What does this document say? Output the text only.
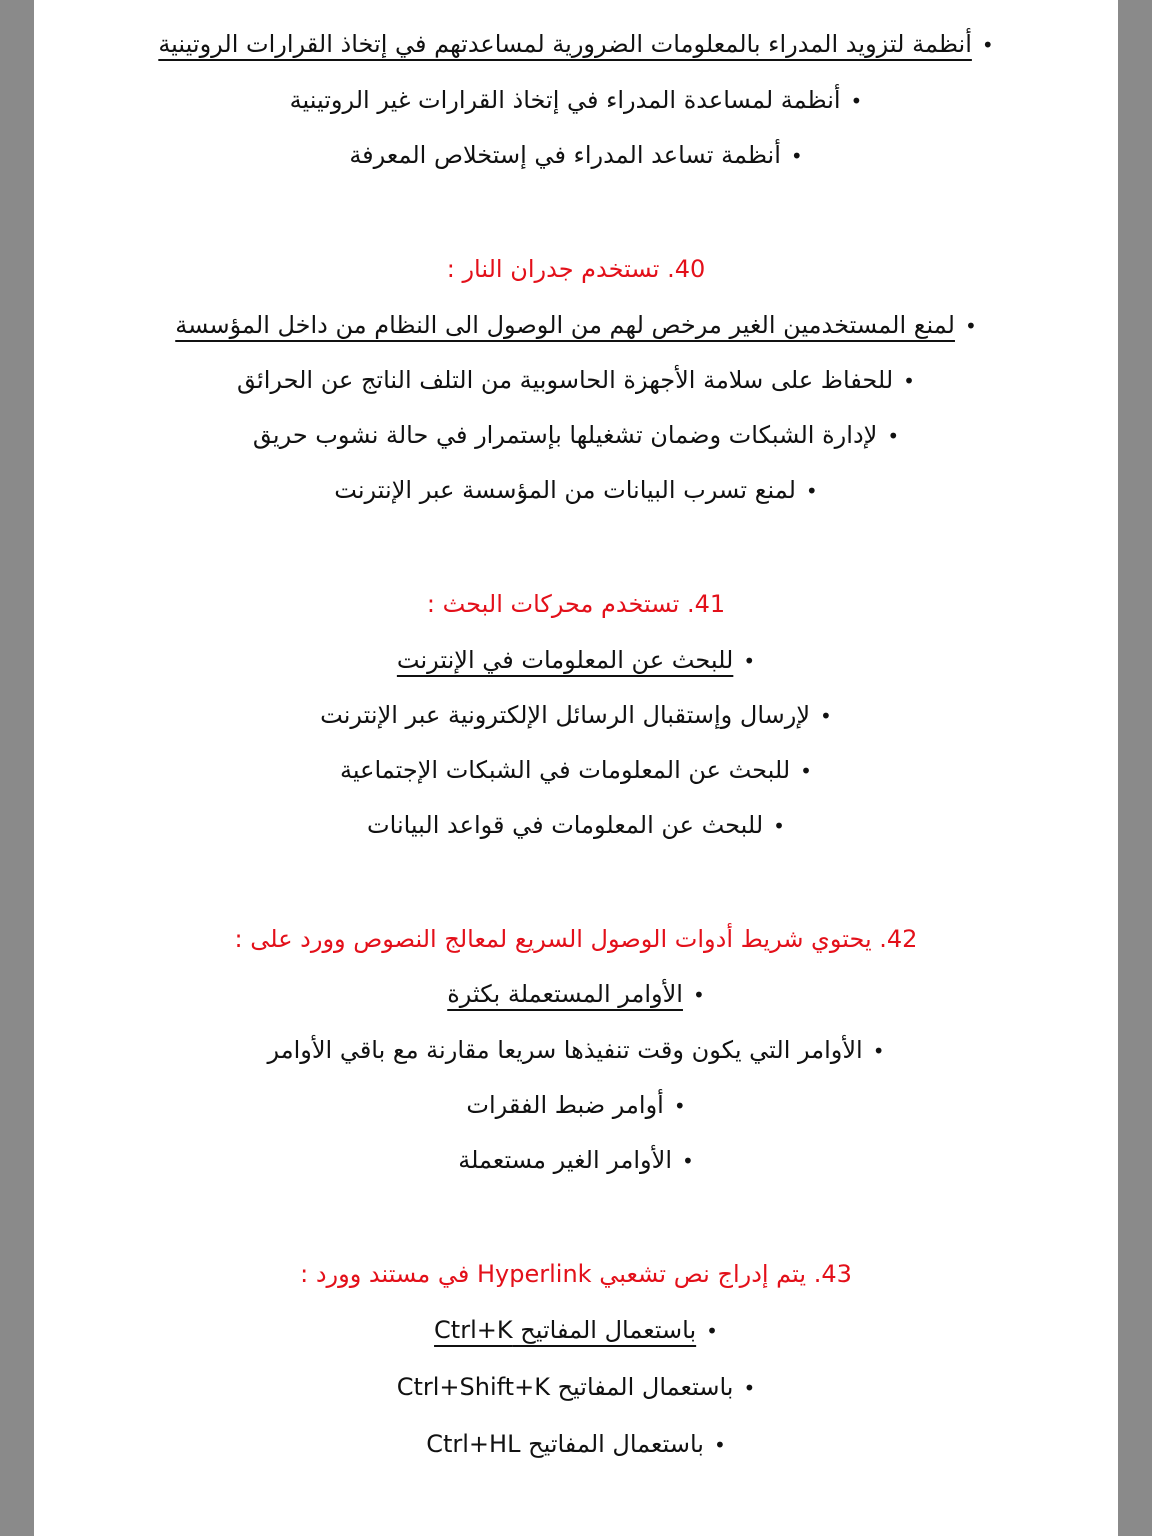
•أنظمة لتزويد المدراء بالمعلومات الضرورية لمساعدتهم في إتخاذ القرارات الروتينية
•أنظمة لمساعدة المدراء في إتخاذ القرارات غير الروتينية
•أنظمة تساعد المدراء في إستخلاص المعرفة
40. تستخدم جدران النار :
•لمنع المستخدمين الغير مرخص لهم من الوصول الى النظام من داخل المؤسسة
•للحفاظ على سلامة الأجهزة الحاسوبية من التلف الناتج عن الحرائق
•لإدارة الشبكات وضمان تشغيلها بإستمرار في حالة نشوب حريق
•لمنع تسرب البيانات من المؤسسة عبر الإنترنت
41. تستخدم محركات البحث :
•للبحث عن المعلومات في الإنترنت
•لإرسال وإستقبال الرسائل الإلكترونية عبر الإنترنت
•للبحث عن المعلومات في الشبكات الإجتماعية
•للبحث عن المعلومات في قواعد البيانات
42. يحتوي شريط أدوات الوصول السريع لمعالج النصوص وورد على :
•الأوامر المستعملة بكثرة
•الأوامر التي يكون وقت تنفيذها سريعا مقارنة مع باقي الأوامر
•أوامر ضبط الفقرات
•الأوامر الغير مستعملة
43. يتم إدراج نص تشعبي Hyperlink في مستند وورد :
•باستعمال المفاتيح Ctrl+K
•باستعمال المفاتيح Ctrl+Shift+K
•باستعمال المفاتيح Ctrl+HL
